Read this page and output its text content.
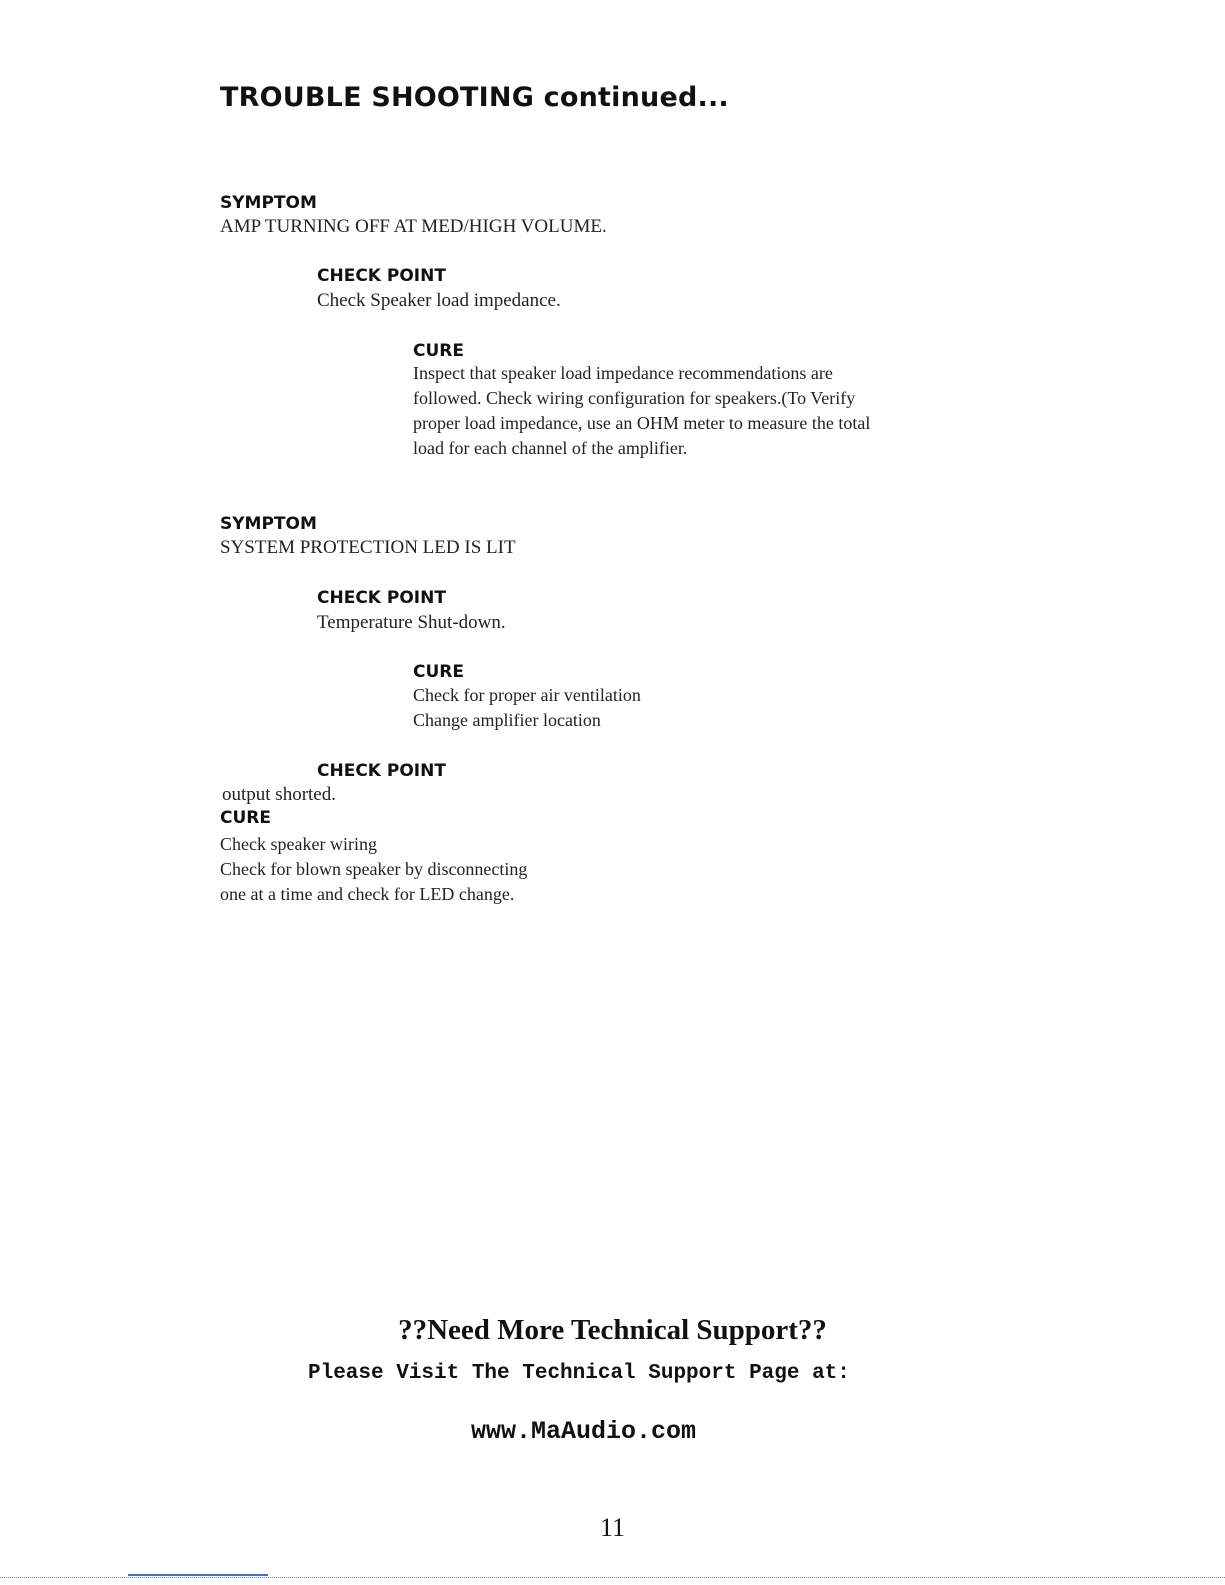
TROUBLE SHOOTING continued...
SYMPTOM
AMP TURNING OFF AT MED/HIGH VOLUME.
CHECK POINT
Check Speaker load impedance.
CURE
Inspect that speaker load impedance recommendations are
followed. Check wiring configuration for speakers.(To Verify
proper load impedance, use an OHM meter to measure the total
load for each channel of the amplifier.
SYMPTOM
SYSTEM PROTECTION LED IS LIT
CHECK POINT
Temperature Shut-down.
CURE
Check for proper air ventilation
Change amplifier location
CHECK POINT
output shorted.
CURE
Check speaker wiring
Check for blown speaker by disconnecting
one at a time and check for LED change.
??Need More Technical Support??
Please Visit The Technical Support Page at:
www.MaAudio.com
11
